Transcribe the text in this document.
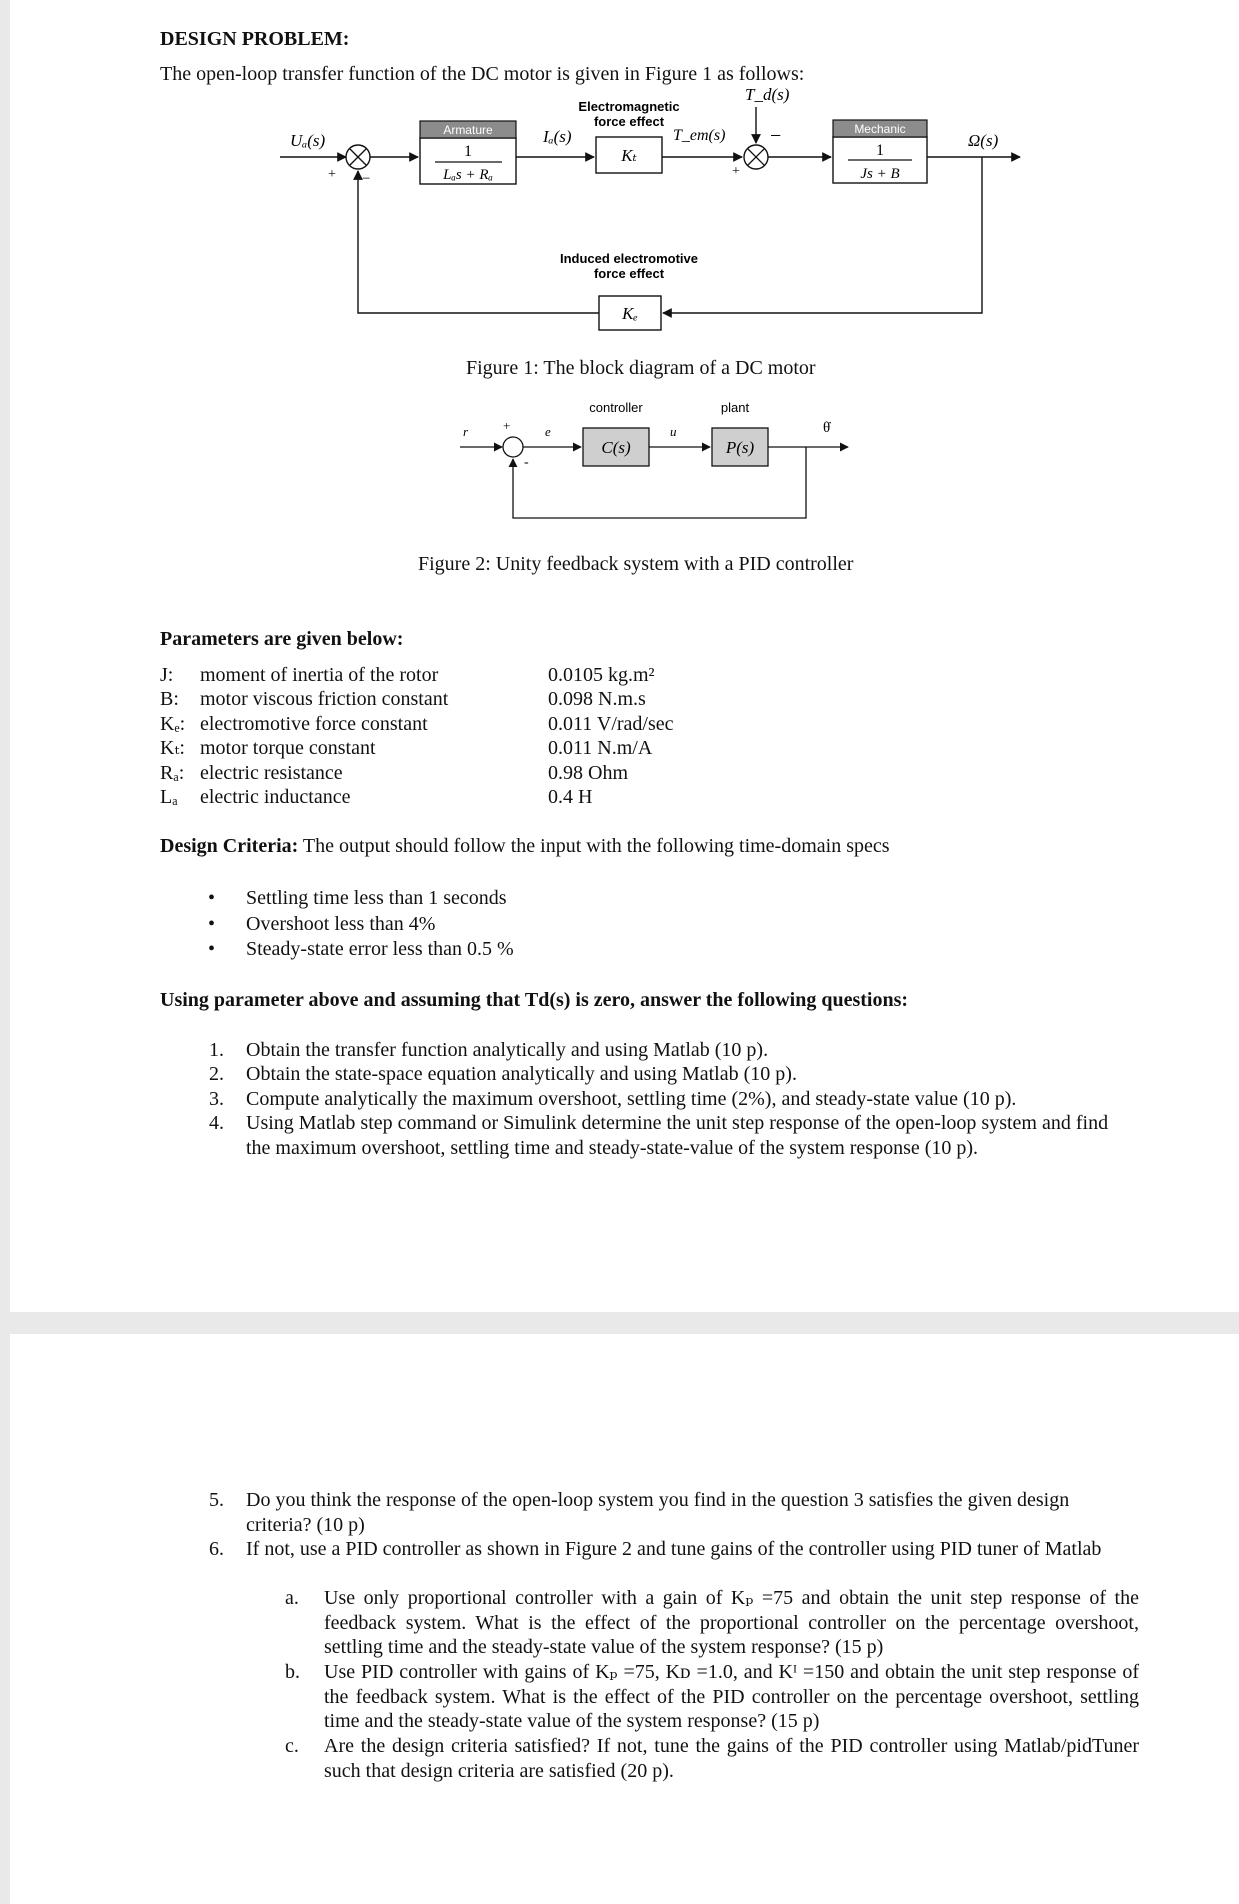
DESIGN PROBLEM:
The open-loop transfer function of the DC motor is given in Figure 1 as follows:
+
Armature
1
Lₐs + Rₐ
Iₐ(s)
Electromagnetic
force effect
Kₜ
T_em(s)
T_d(s)
−
+
Mechanic
1
Js + B
Ω(s)
Uₐ(s)
Induced electromotive
force effect
Kₑ
−
Figure 1: The block diagram of a DC motor
r	+
-
e
controller
C(s)
u
plant
P(s)
θ̇
Figure 2: Unity feedback system with a PID controller
Parameters are given below:
Design Criteria: The output should follow the input with the following time-domain specs
Using parameter above and assuming that Td(s) is zero, answer the following questions:
J: moment of inertia of the rotor	0.0105 kg.m²
B: motor viscous friction constant	0.098 N.m.s
Kₑ: electromotive force constant	0.011 V/rad/sec
Kₜ: motor torque constant	0.011 N.m/A
Rₐ: electric resistance	0.98 Ohm
Lₐ electric inductance	0.4 H
• Settling time less than 1 seconds
• Overshoot less than 4%
• Steady-state error less than 0.5 %
1. Obtain the transfer function analytically and using Matlab (10 p).
2. Obtain the state-space equation analytically and using Matlab (10 p).
3. Compute analytically the maximum overshoot, settling time (2%), and steady-state value (10 p).
4. Using Matlab step command or Simulink determine the unit step response of the open-loop system and find the maximum overshoot, settling time and steady-state-value of the system response (10 p).
5. Do you think the response of the open-loop system you find in the question 3 satisfies the given design criteria? (10 p)
6. If not, use a PID controller as shown in Figure 2 and tune gains of the controller using PID tuner of Matlab
a. Use only proportional controller with a gain of Kₚ =75 and obtain the unit step response of the feedback system. What is the effect of the proportional controller on the percentage overshoot, settling time and the steady-state value of the system response? (15 p)
b. Use PID controller with gains of Kₚ =75, Kᴅ =1.0, and Kᴵ =150 and obtain the unit step response of the feedback system. What is the effect of the PID controller on the percentage overshoot, settling time and the steady-state value of the system response? (15 p)
c. Are the design criteria satisfied? If not, tune the gains of the PID controller using Matlab/pidTuner such that design criteria are satisfied (20 p).
